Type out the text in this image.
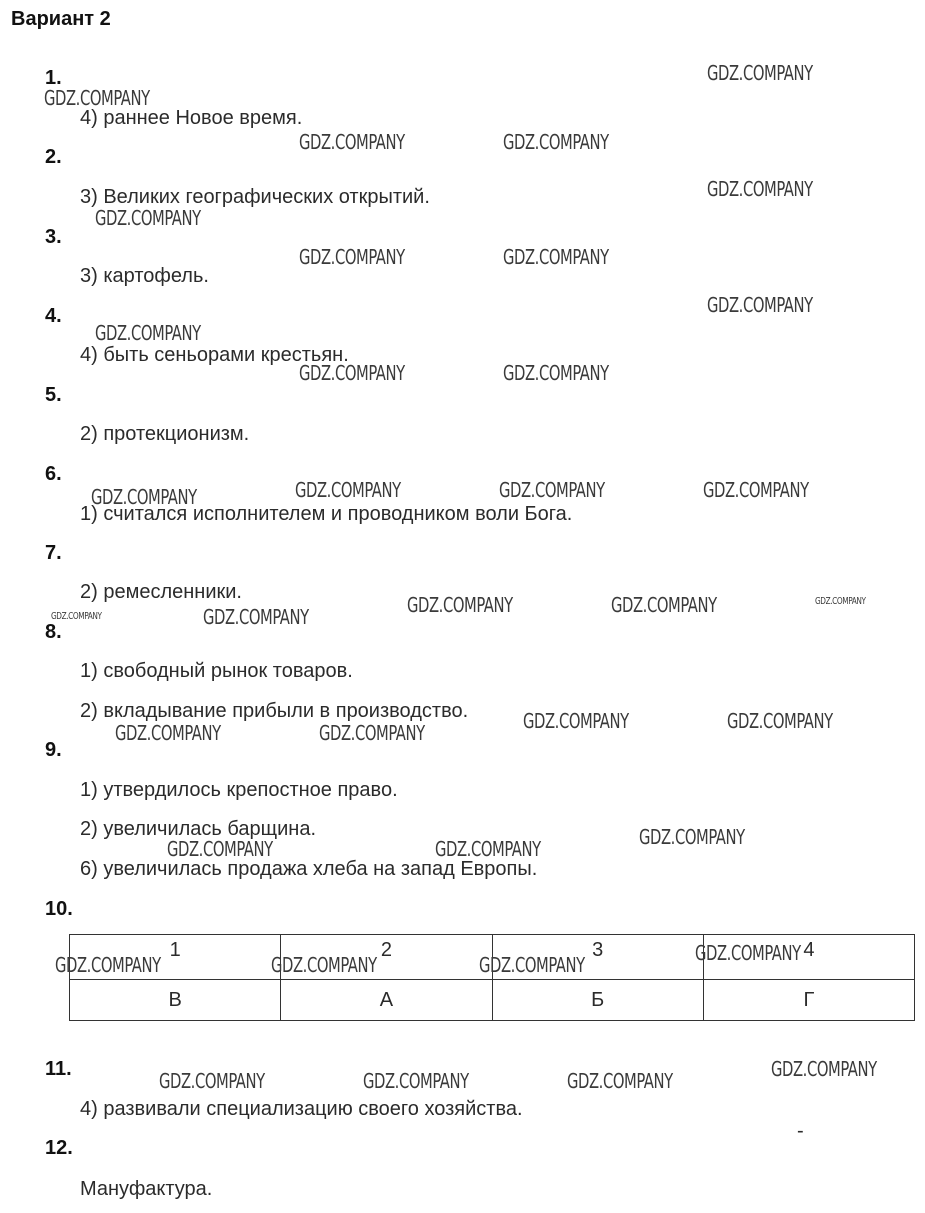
Вариант 2
1.
4) раннее Новое время.
2.
3) Великих географических открытий.
3.
3) картофель.
4.
4) быть сеньорами крестьян.
5.
2) протекционизм.
6.
1) считался исполнителем и проводником воли Бога.
7.
2) ремесленники.
8.
1) свободный рынок товаров.
2) вкладывание прибыли в производство.
9.
1) утвердилось крепостное право.
2) увеличилась барщина.
6) увеличилась продажа хлеба на запад Европы.
10.
1	2	3	4
В	А	Б	Г
11.
4) развивали специализацию своего хозяйства.
12.
Мануфактура.
-
GDZ.COMPANY
GDZ.COMPANY
GDZ.COMPANY	GDZ.COMPANY
GDZ.COMPANY
GDZ.COMPANY
GDZ.COMPANY	GDZ.COMPANY
GDZ.COMPANY
GDZ.COMPANY
GDZ.COMPANY	GDZ.COMPANY
GDZ.COMPANY	GDZ.COMPANY	GDZ.COMPANY	GDZ.COMPANY
GDZ.COMPANY	GDZ.COMPANY	GDZ.COMPANY	GDZ.COMPANY	GDZ.COMPANY
GDZ.COMPANY	GDZ.COMPANY
GDZ.COMPANY	GDZ.COMPANY
GDZ.COMPANY
GDZ.COMPANY	GDZ.COMPANY
GDZ.COMPANY	GDZ.COMPANY	GDZ.COMPANY	GDZ.COMPANY
GDZ.COMPANY
GDZ.COMPANY	GDZ.COMPANY	GDZ.COMPANY
